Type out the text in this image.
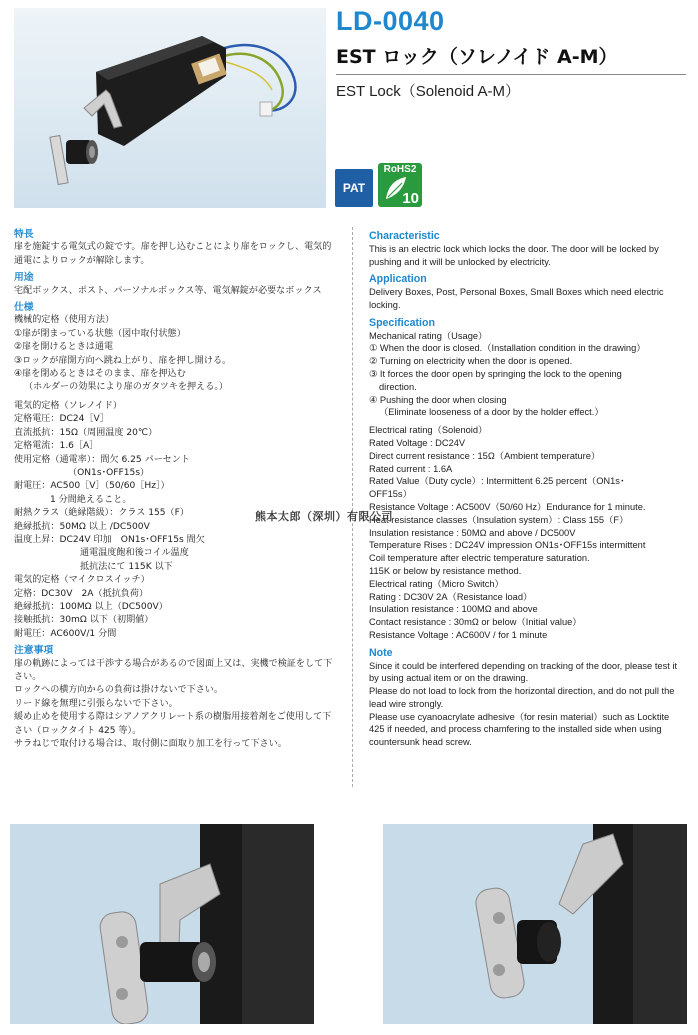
LD-0040
EST ロック（ソレノイド A-M）
EST Lock（Solenoid A-M）
PAT
RoHS2
10
特長

扉を施錠する電気式の錠です。扉を押し込むことにより扉をロックし、電気的通電によりロックが解除します。

用途

宅配ボックス、ポスト、パーソナルボックス等、電気解錠が必要なボックス

仕様

機械的定格（使用方法）

①扉が閉まっている状態（図中取付状態）

②扉を開けるときは通電

③ロックが扉開方向へ跳ね上がり、扉を押し開ける。

④扉を閉めるときはそのまま、扉を押込む

（ホルダーの効果により扉のガタツキを押える。）

電気的定格（ソレノイド）

定格電圧：DC24［V］

直流抵抗：15Ω（周囲温度 20℃）

定格電流：1.6［A］

使用定格（通電率）：間欠 6.25 パーセント

（ON1s･OFF15s）

耐電圧：AC500［V］（50/60［Hz］）

1 分間絶えること。

耐熱クラス（絶縁階級）：クラス 155（F）

絶縁抵抗：50MΩ 以上 /DC500V

温度上昇：DC24V 印加　ON1s･OFF15s 間欠

通電温度飽和後コイル温度

抵抗法にて 115K 以下

電気的定格（マイクロスイッチ）

定格：DC30V　2A（抵抗負荷）

絶縁抵抗：100MΩ 以上（DC500V）

接触抵抗：30mΩ 以下（初期値）

耐電圧：AC600V/1 分間

注意事項

扉の軌跡によっては干渉する場合があるので図面上又は、実機で検証をして下さい。

ロックへの横方向からの負荷は掛けないで下さい。

リード線を無理に引張らないで下さい。

緩め止めを使用する際はシアノアクリレート系の樹脂用接着剤をご使用して下さい（ロックタイト 425 等）。

サラねじで取付ける場合は、取付側に面取り加工を行って下さい。

Characteristic

This is an electric lock which locks the door. The door will be locked by pushing and it will be unlocked by electricity.

Application

Delivery Boxes, Post, Personal Boxes, Small Boxes which need electric locking.

Specification

Mechanical rating（Usage）

① When the door is closed.（Installation condition in the drawing）

② Turning on electricity when the door is opened.

③ It forces the door open by springing the lock to the opening

direction.

④ Pushing the door when closing

（Eliminate looseness of a door by the holder effect.）

Electrical rating（Solenoid）

Rated Voltage : DC24V

Direct current resistance : 15Ω（Ambient temperature）

Rated current : 1.6A

Rated Value（Duty cycle）: Intermittent 6.25 percent（ON1s･

OFF15s）

Resistance Voltage : AC500V（50/60 Hz）Endurance for 1 minute.

Heat resistance classes（Insulation system）: Class 155（F）

Insulation resistance : 50MΩ and above / DC500V

Temperature Rises : DC24V impression ON1s･OFF15s intermittent

Coil temperature after electric temperature saturation.

115K or below by resistance method.

Electrical rating（Micro Switch）

Rating : DC30V 2A（Resistance load）

Insulation resistance : 100MΩ and above

Contact resistance : 30mΩ or below（Initial value）

Resistance Voltage : AC600V / for 1 minute

Note

Since it could be interfered depending on tracking of the door, please test it by using actual item or on the drawing.

Please do not load to lock from the horizontal direction, and do not pull the lead wire strongly.

Please use cyanoacrylate adhesive（for resin material）such as Locktite 425 if needed, and process chamfering to the installed side when using countersunk head screw.

熊本太郎（深圳）有限公司
